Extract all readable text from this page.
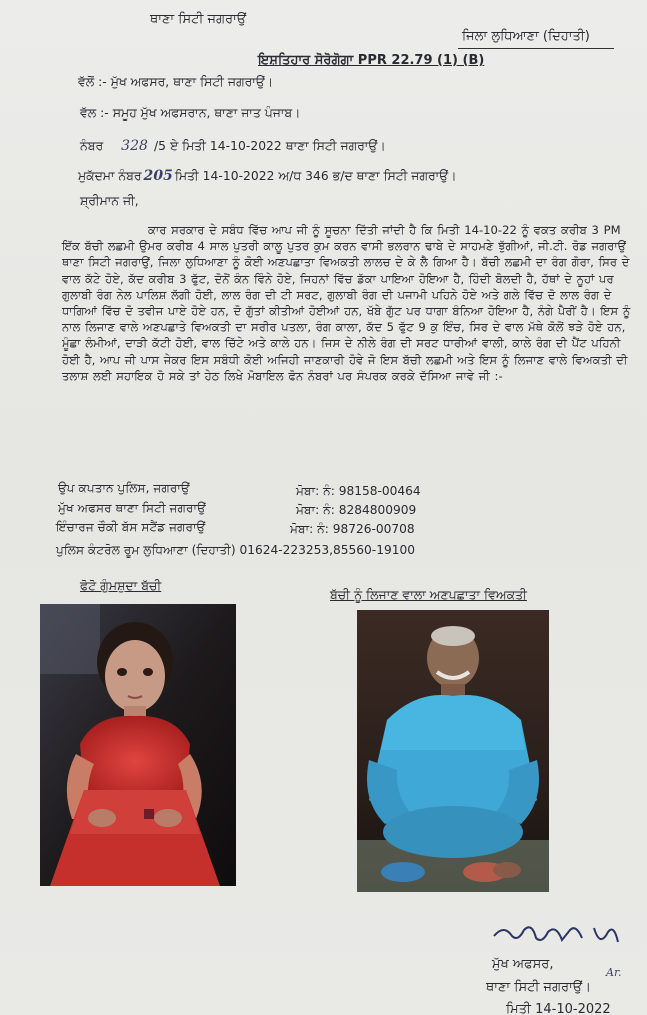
ਥਾਣਾ ਸਿਟੀ ਜਗਰਾਉਂ
ਜਿਲਾ ਲੁਧਿਆਣਾ (ਦਿਹਾਤੀ)
ਇਸ਼ਤਿਹਾਰ ਸੋਰੋਗੋਗਾ PPR 22.79 (1) (B)
ਵੱਲੋਂ :- ਮੁੱਖ ਅਫਸਰ, ਥਾਣਾ ਸਿਟੀ ਜਗਰਾਉਂ।
ਵੱਲ :- ਸਮੂਹ ਮੁੱਖ ਅਫਸਰਾਨ, ਥਾਣਾ ਜਾਤ ਪੰਜਾਬ।
ਨੰਬਰ 328 /5 ਏ ਮਿਤੀ 14-10-2022 ਥਾਣਾ ਸਿਟੀ ਜਗਰਾਉਂ।
ਮੁਕੱਦਮਾ ਨੰਬਰ 205 ਮਿਤੀ 14-10-2022 ਅ/ਧ 346 ਭ/ਦ ਥਾਣਾ ਸਿਟੀ ਜਗਰਾਉਂ।
ਸ਼੍ਰੀਮਾਨ ਜੀ,

ਕਾਰ ਸਰਕਾਰ ਦੇ ਸਬੰਧ ਵਿੱਚ ਆਪ ਜੀ ਨੂੰ ਸੂਚਨਾ ਦਿੱਤੀ ਜਾਂਦੀ ਹੈ ਕਿ ਮਿਤੀ 14-10-22 ਨੂੰ ਵਕਤ ਕਰੀਬ 3 PM ਇੱਕ ਬੱਚੀ ਲਛਮੀ ਉਮਰ ਕਰੀਬ 4 ਸਾਲ ਪੁਤਰੀ ਕਾਲੂ ਪੁਤਰ ਕੁਮ ਕਰਨ ਵਾਸੀ ਭਲਰਾਨ ਢਾਬੇ ਦੇ ਸਾਹਮਣੇ ਝੁੱਗੀਆਂ, ਜੀ.ਟੀ. ਰੋਡ ਜਗਰਾਉਂ ਥਾਣਾ ਸਿਟੀ ਜਗਰਾਉਂ, ਜਿਲਾ ਲੁਧਿਆਣਾ ਨੂੰ ਕੋਈ ਅਣਪਛਾਤਾ ਵਿਅਕਤੀ ਲਾਲਚ ਦੇ ਕੇ ਲੈ ਗਿਆ ਹੈ। ਬੱਚੀ ਲਛਮੀ ਦਾ ਰੰਗ ਗੋਰਾ, ਸਿਰ ਦੇ ਵਾਲ ਕੱਟੇ ਹੋਏ, ਕੱਦ ਕਰੀਬ 3 ਫੁੱਟ, ਦੋਨੋਂ ਕੰਨ ਵਿੰਨੇ ਹੋਏ, ਜਿਹਨਾਂ ਵਿੱਚ ਡੱਕਾ ਪਾਇਆ ਹੋਇਆ ਹੈ, ਹਿੰਦੀ ਬੋਲਦੀ ਹੈ, ਹੱਥਾਂ ਦੇ ਨੂਹਾਂ ਪਰ ਗੁਲਾਬੀ ਰੰਗ ਨੇਲ ਪਾਲਿਸ਼ ਲੱਗੀ ਹੋਈ, ਲਾਲ ਰੰਗ ਦੀ ਟੀ ਸਰਟ, ਗੁਲਾਬੀ ਰੰਗ ਦੀ ਪਜਾਮੀ ਪਹਿਨੇ ਹੋਏ ਅਤੇ ਗਲੇ ਵਿੱਚ ਦੋ ਲਾਲ ਰੰਗ ਦੇ ਧਾਗਿਆਂ ਵਿੱਚ ਦੋ ਤਵੀਜ ਪਾਏ ਹੋਏ ਹਨ, ਦੋ ਗੁੱਤਾਂ ਕੀਤੀਆਂ ਹੋਈਆਂ ਹਨ, ਖੱਬੇ ਗੁੱਟ ਪਰ ਧਾਗਾ ਬੰਨਿਆ ਹੋਇਆ ਹੈ, ਨੰਗੇ ਪੈਰੀਂ ਹੈ। ਇਸ ਨੂੰ ਨਾਲ ਲਿਜਾਣ ਵਾਲੇ ਅਣਪਛਾਤੇ ਵਿਅਕਤੀ ਦਾ ਸਰੀਰ ਪਤਲਾ, ਰੰਗ ਕਾਲਾ, ਕੱਦ 5 ਫੁੱਟ 9 ਕੁ ਇੰਚ, ਸਿਰ ਦੇ ਵਾਲ ਮੱਥੇ ਕੋਲੋਂ ਝੜੇ ਹੋਏ ਹਨ, ਮੂੰਛਾ ਲੰਮੀਆਂ, ਦਾੜੀ ਕੱਟੀ ਹੋਈ, ਵਾਲ ਚਿੱਟੇ ਅਤੇ ਕਾਲੇ ਹਨ। ਜਿਸ ਦੇ ਨੀਲੇ ਰੰਗ ਦੀ ਸਰਟ ਧਾਰੀਆਂ ਵਾਲੀ, ਕਾਲੇ ਰੰਗ ਦੀ ਪੈਂਟ ਪਹਿਨੀ ਹੋਈ ਹੈ, ਆਪ ਜੀ ਪਾਸ ਜੇਕਰ ਇਸ ਸਬੰਧੀ ਕੋਈ ਅਜਿਹੀ ਜਾਣਕਾਰੀ ਹੋਵੇ ਜੋ ਇਸ ਬੱਚੀ ਲਛਮੀ ਅਤੇ ਇਸ ਨੂੰ ਲਿਜਾਣ ਵਾਲੇ ਵਿਅਕਤੀ ਦੀ ਤਲਾਸ਼ ਲਈ ਸਹਾਇਕ ਹੋ ਸਕੇ ਤਾਂ ਹੇਠ ਲਿਖੇ ਮੋਬਾਇਲ ਫੋਨ ਨੰਬਰਾਂ ਪਰ ਸੰਪਰਕ ਕਰਕੇ ਦੱਸਿਆ ਜਾਵੇ ਜੀ :-

ਉਪ ਕਪਤਾਨ ਪੁਲਿਸ, ਜਗਰਾਉਂ	ਮੋਬਾ: ਨੰ: 98158-00464
ਮੁੱਖ ਅਫਸਰ ਥਾਣਾ ਸਿਟੀ ਜਗਰਾਉਂ	ਮੋਬਾ: ਨੰ: 8284800909
ਇੰਚਾਰਜ ਚੌਕੀ ਬੱਸ ਸਟੈਂਡ ਜਗਰਾਉਂ	ਮੋਬਾ: ਨੰ: 98726-00708
ਪੁਲਿਸ ਕੰਟਰੋਲ ਰੂਮ ਲੁਧਿਆਣਾ (ਦਿਹਾਤੀ) 01624-223253,85560-19100
ਫੋਟੋ ਗੁੰਮਸ਼ੁਦਾ ਬੱਚੀ
ਬੱਚੀ ਨੂੰ ਲਿਜਾਣ ਵਾਲਾ ਅਣਪਛਾਤਾ ਵਿਅਕਤੀ
Ar.
ਮੁੱਖ ਅਫਸਰ,
ਥਾਣਾ ਸਿਟੀ ਜਗਰਾਉਂ।
ਮਿਤੀ 14-10-2022
